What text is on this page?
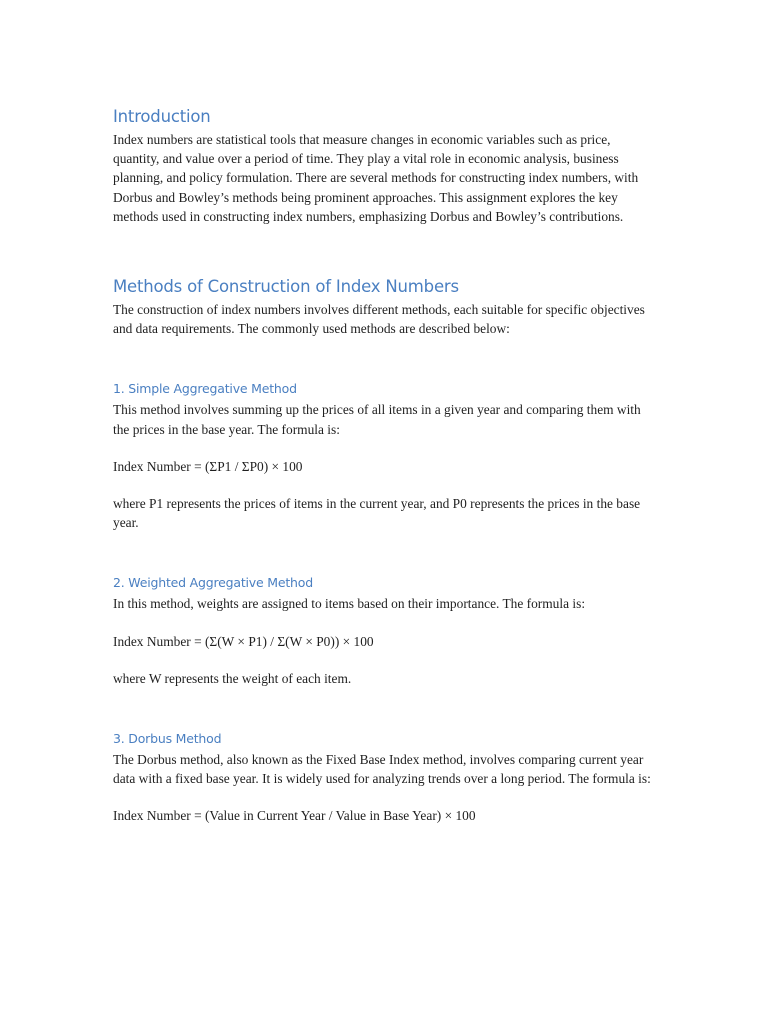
Introduction

Index numbers are statistical tools that measure changes in economic variables such as price, quantity, and value over a period of time. They play a vital role in economic analysis, business planning, and policy formulation. There are several methods for constructing index numbers, with Dorbus and Bowley’s methods being prominent approaches. This assignment explores the key methods used in constructing index numbers, emphasizing Dorbus and Bowley’s contributions.

Methods of Construction of Index Numbers

The construction of index numbers involves different methods, each suitable for specific objectives and data requirements. The commonly used methods are described below:

1. Simple Aggregative Method

This method involves summing up the prices of all items in a given year and comparing them with the prices in the base year. The formula is:

Index Number = (ΣP1 / ΣP0) × 100

where P1 represents the prices of items in the current year, and P0 represents the prices in the base year.

2. Weighted Aggregative Method

In this method, weights are assigned to items based on their importance. The formula is:

Index Number = (Σ(W × P1) / Σ(W × P0)) × 100

where W represents the weight of each item.

3. Dorbus Method

The Dorbus method, also known as the Fixed Base Index method, involves comparing current year data with a fixed base year. It is widely used for analyzing trends over a long period. The formula is:

Index Number = (Value in Current Year / Value in Base Year) × 100
